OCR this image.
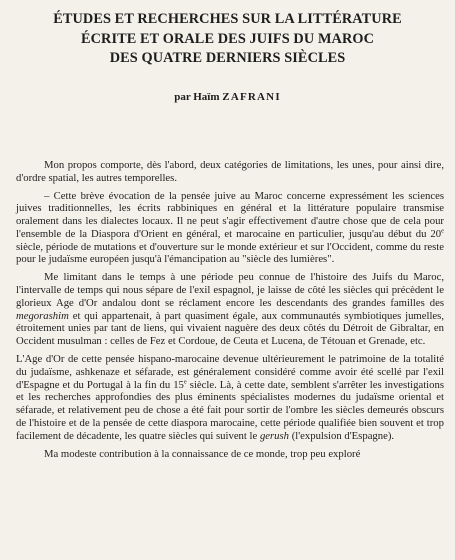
ÉTUDES ET RECHERCHES SUR LA LITTÉRATURE
ÉCRITE ET ORALE DES JUIFS DU MAROC
DES QUATRE DERNIERS SIÈCLES
par Haïm ZAFRANI

Mon propos comporte, dès l'abord, deux catégories de limitations, les unes, pour ainsi dire, d'ordre spatial, les autres temporelles.

– Cette brève évocation de la pensée juive au Maroc concerne expressément les sciences juives traditionnelles, les écrits rabbiniques en général et la littérature populaire transmise oralement dans les dialectes locaux. Il ne peut s'agir effectivement d'autre chose que de cela pour l'ensemble de la Diaspora d'Orient en général, et marocaine en particulier, jusqu'au début du 20e siècle, période de mutations et d'ouverture sur le monde extérieur et sur l'Occident, comme du reste pour le judaïsme européen jusqu'à l'émancipation au "siècle des lumières".

Me limitant dans le temps à une période peu connue de l'histoire des Juifs du Maroc, l'intervalle de temps qui nous sépare de l'exil espagnol, je laisse de côté les siècles qui précèdent le glorieux Age d'Or andalou dont se réclament encore les descendants des grandes familles des megorashim et qui appartenait, à part quasiment égale, aux communautés symbiotiques jumelles, étroitement unies par tant de liens, qui vivaient naguère des deux côtés du Détroit de Gibraltar, en Occident musulman : celles de Fez et Cordoue, de Ceuta et Lucena, de Tétouan et Grenade, etc.

L'Age d'Or de cette pensée hispano-marocaine devenue ultérieurement le patrimoine de la totalité du judaïsme, ashkenaze et séfarade, est généralement considéré comme avoir été scellé par l'exil d'Espagne et du Portugal à la fin du 15e siècle. Là, à cette date, semblent s'arrêter les investigations et les recherches approfondies des plus éminents spécialistes modernes du judaïsme oriental et séfarade, et relativement peu de chose a été fait pour sortir de l'ombre les siècles demeurés obscurs de l'histoire et de la pensée de cette diaspora marocaine, cette période qualifiée bien souvent et trop facilement de décadente, les quatre siècles qui suivent le gerush (l'expulsion d'Espagne).

Ma modeste contribution à la connaissance de ce monde, trop peu exploré
